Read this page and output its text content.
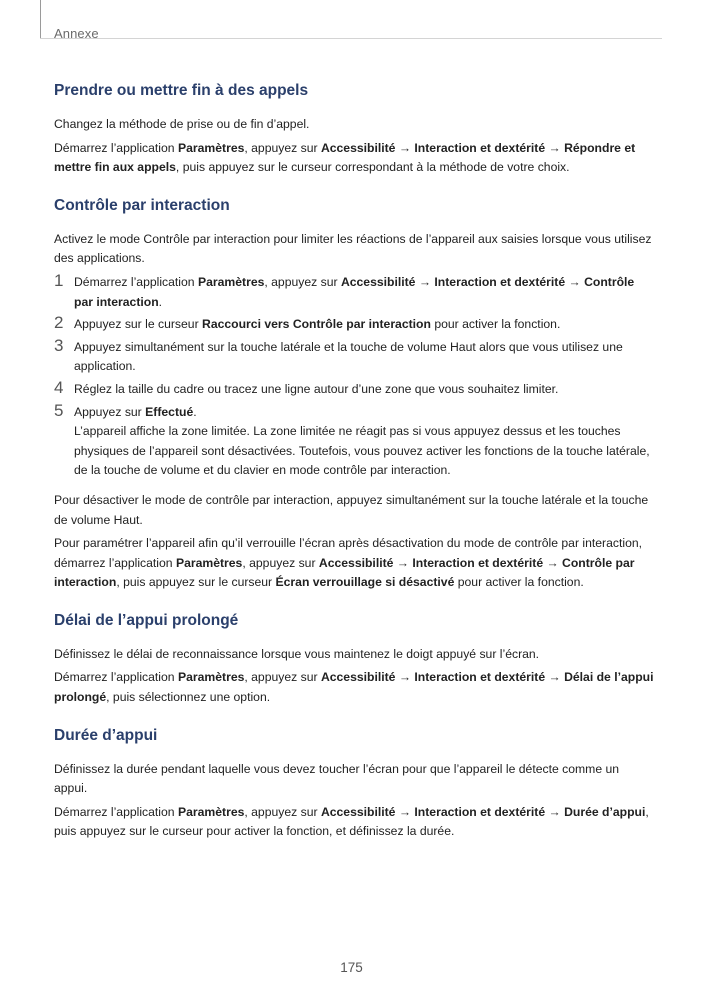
Annexe
Prendre ou mettre fin à des appels

Changez la méthode de prise ou de fin d’appel.

Démarrez l’application Paramètres, appuyez sur Accessibilité → Interaction et dextérité → Répondre et mettre fin aux appels, puis appuyez sur le curseur correspondant à la méthode de votre choix.

Contrôle par interaction

Activez le mode Contrôle par interaction pour limiter les réactions de l’appareil aux saisies lorsque vous utilisez des applications.

1 Démarrez l’application Paramètres, appuyez sur Accessibilité → Interaction et dextérité → Contrôle par interaction.

2 Appuyez sur le curseur Raccourci vers Contrôle par interaction pour activer la fonction.

3 Appuyez simultanément sur la touche latérale et la touche de volume Haut alors que vous utilisez une application.

4 Réglez la taille du cadre ou tracez une ligne autour d’une zone que vous souhaitez limiter.

5 Appuyez sur Effectué.

L’appareil affiche la zone limitée. La zone limitée ne réagit pas si vous appuyez dessus et les touches physiques de l’appareil sont désactivées. Toutefois, vous pouvez activer les fonctions de la touche latérale, de la touche de volume et du clavier en mode contrôle par interaction.

Pour désactiver le mode de contrôle par interaction, appuyez simultanément sur la touche latérale et la touche de volume Haut.

Pour paramétrer l’appareil afin qu’il verrouille l’écran après désactivation du mode de contrôle par interaction, démarrez l’application Paramètres, appuyez sur Accessibilité → Interaction et dextérité → Contrôle par interaction, puis appuyez sur le curseur Écran verrouillage si désactivé pour activer la fonction.

Délai de l’appui prolongé

Définissez le délai de reconnaissance lorsque vous maintenez le doigt appuyé sur l’écran.

Démarrez l’application Paramètres, appuyez sur Accessibilité → Interaction et dextérité → Délai de l’appui prolongé, puis sélectionnez une option.

Durée d’appui

Définissez la durée pendant laquelle vous devez toucher l’écran pour que l’appareil le détecte comme un appui.

Démarrez l’application Paramètres, appuyez sur Accessibilité → Interaction et dextérité → Durée d’appui, puis appuyez sur le curseur pour activer la fonction, et définissez la durée.

175
